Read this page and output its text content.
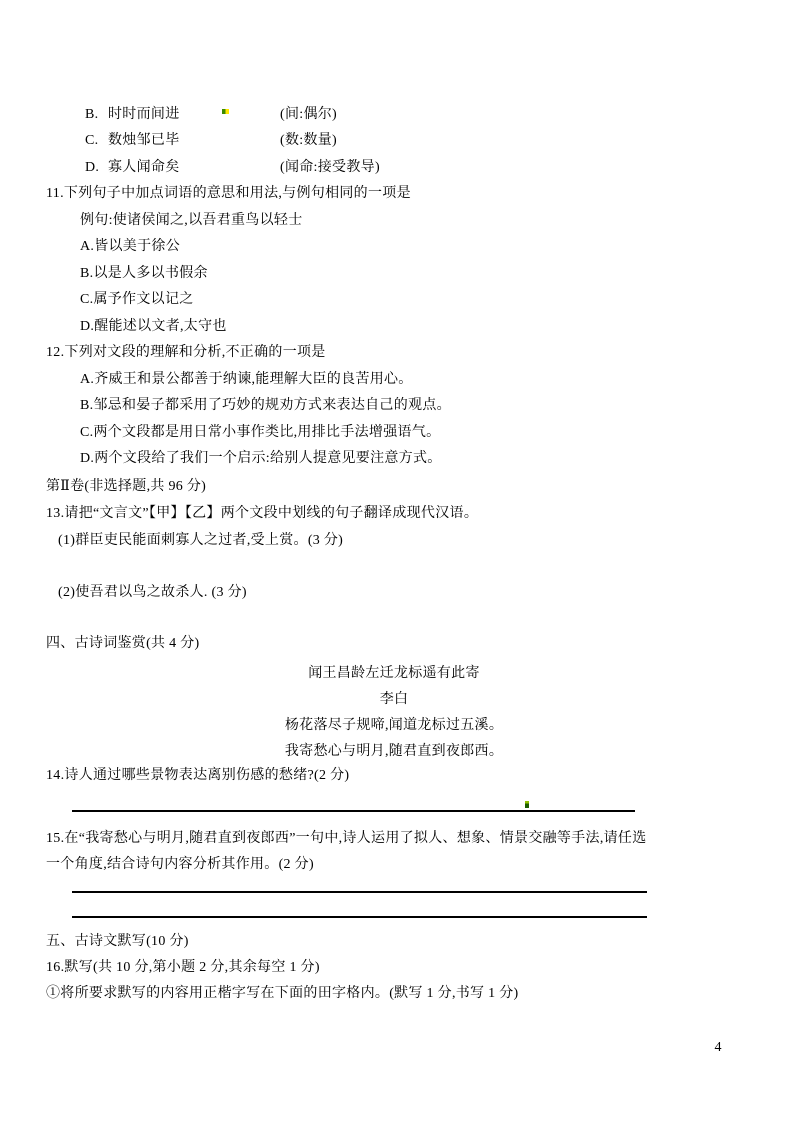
B. 时时而间进	(间:偶尔)
C. 数烛邹已毕	(数:数量)
D. 寡人闻命矣	(闻命:接受教导)
11.下列句子中加点词语的意思和用法,与例句相同的一项是
例句:使诸侯闻之,以吾君重鸟以轻士
A.皆以美于徐公
B.以是人多以书假余
C.属予作文以记之
D.醒能述以文者,太守也
12.下列对文段的理解和分析,不正确的一项是
A.齐威王和景公都善于纳谏,能理解大臣的良苦用心。
B.邹忌和晏子都采用了巧妙的规劝方式来表达自己的观点。
C.两个文段都是用日常小事作类比,用排比手法增强语气。
D.两个文段给了我们一个启示:给别人提意见要注意方式。
第Ⅱ卷(非选择题,共 96 分)
13.请把“文言文”【甲】【乙】两个文段中划线的句子翻译成现代汉语。
(1)群臣吏民能面刺寡人之过者,受上赏。(3 分)
(2)使吾君以鸟之故杀人. (3 分)
四、古诗词鉴赏(共 4 分)
闻王昌龄左迁龙标遥有此寄
李白
杨花落尽子规啼,闻道龙标过五溪。
我寄愁心与明月,随君直到夜郎西。
14.诗人通过哪些景物表达离别伤感的愁绪?(2 分)
15.在“我寄愁心与明月,随君直到夜郎西”一句中,诗人运用了拟人、想象、情景交融等手法,请任选
一个角度,结合诗句内容分析其作用。(2 分)
五、古诗文默写(10 分)
16.默写(共 10 分,第小题 2 分,其余每空 1 分)
①将所要求默写的内容用正楷字写在下面的田字格内。(默写 1 分,书写 1 分)
4
